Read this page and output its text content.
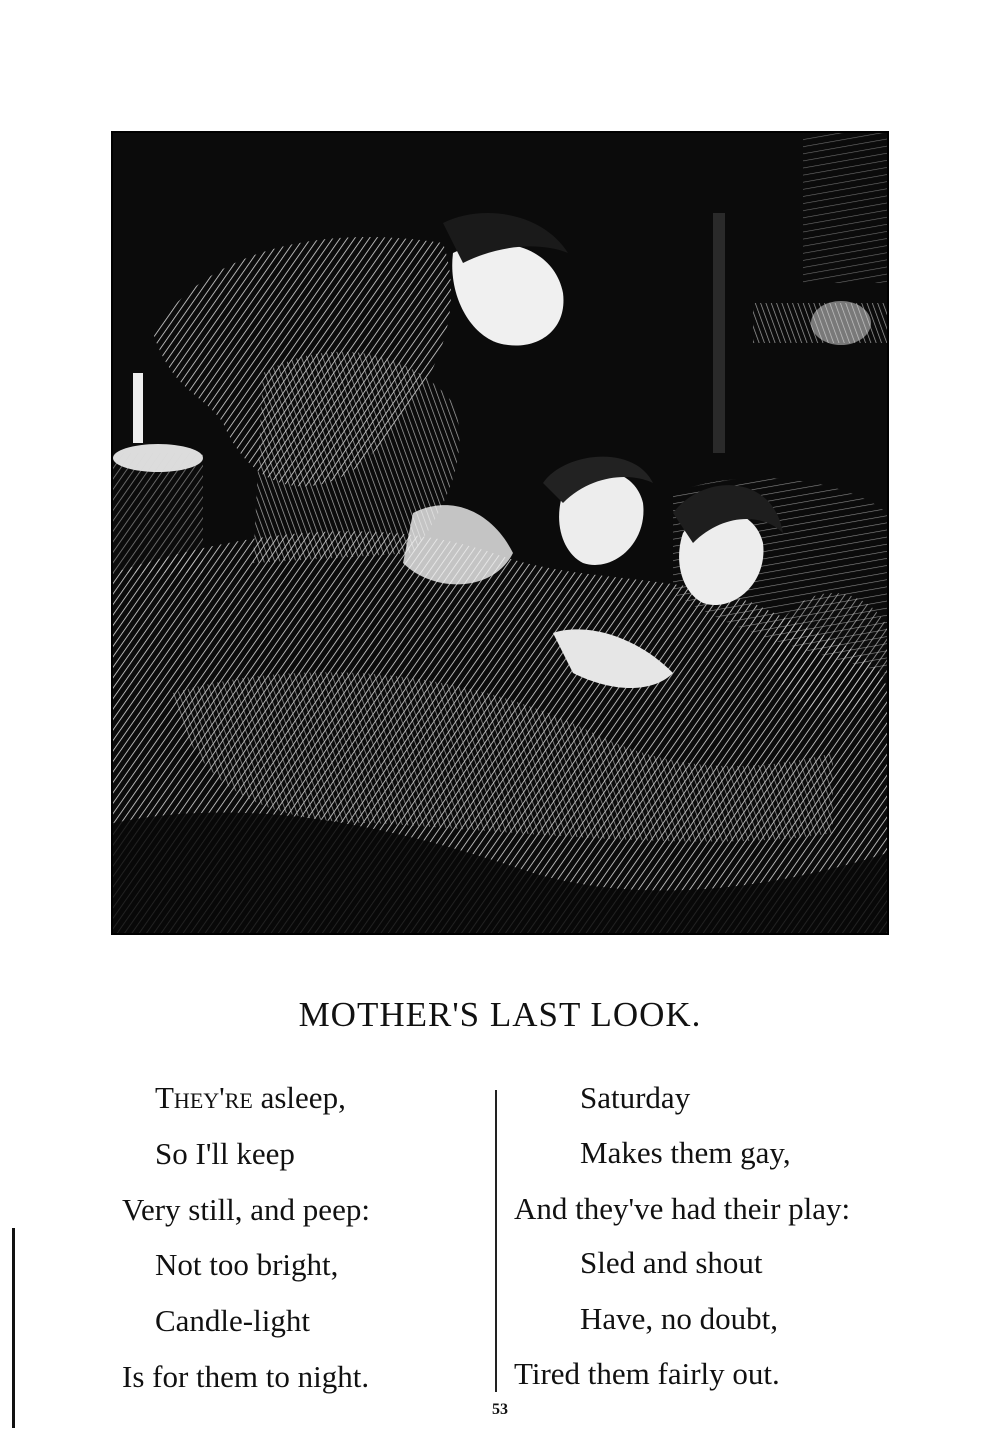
MOTHER'S LAST LOOK.
They're asleep,
So I'll keep
Very still, and peep:
Not too bright,
Candle-light
Is for them to night.
Saturday
Makes them gay,
And they've had their play:
Sled and shout
Have, no doubt,
Tired them fairly out.
53
